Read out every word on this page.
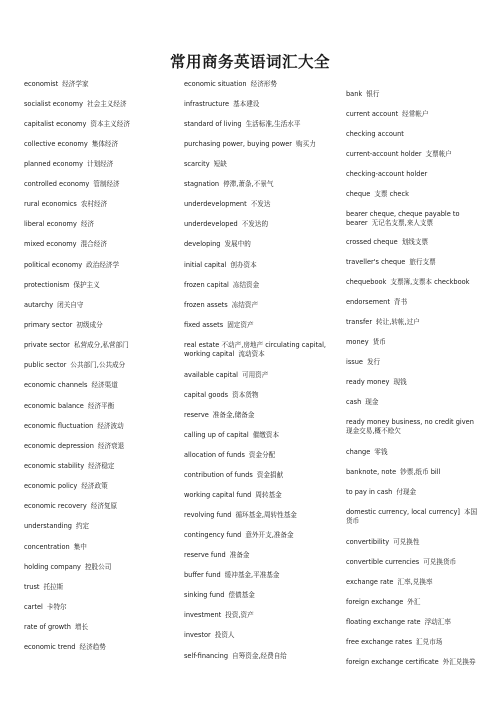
常用商务英语词汇大全
economist 经济学家
socialist economy 社会主义经济
capitalist economy 资本主义经济
collective economy 集体经济
planned economy 计划经济
controlled economy 管制经济
rural economics 农村经济
liberal economy 经济
mixed economy 混合经济
political economy 政治经济学
protectionism 保护主义
autarchy 闭关自守
primary sector 初级成分
private sector 私营成分,私营部门
public sector 公共部门,公共成分
economic channels 经济渠道
economic balance 经济平衡
economic fluctuation 经济波动
economic depression 经济衰退
economic stability 经济稳定
economic policy 经济政策
economic recovery 经济复原
understanding 约定
concentration 集中
holding company 控股公司
trust 托拉斯
cartel 卡特尔
rate of growth 增长
economic trend 经济趋势
economic situation 经济形势
infrastructure 基本建设
standard of living 生活标准,生活水平
purchasing power, buying power 购买力
scarcity 短缺
stagnation 停滞,萧条,不景气
underdevelopment 不发达
underdeveloped 不发达的
developing 发展中的
initial capital 创办资本
frozen capital 冻结资金
frozen assets 冻结资产
fixed assets 固定资产
real estate 不动产,房地产 circulating capital, working capital 流动资本
available capital 可用资产
capital goods 资本货物
reserve 准备金,储备金
calling up of capital 催缴资本
allocation of funds 资金分配
contribution of funds 资金捐献
working capital fund 周转基金
revolving fund 循环基金,周转性基金
contingency fund 意外开支,准备金
reserve fund 准备金
buffer fund 缓冲基金,平准基金
sinking fund 偿债基金
investment 投资,资产
investor 投资人
self-financing 自筹资金,经费自给
bank 银行
current account 经常帐户
checking account
current-account holder 支票帐户
checking-account holder
cheque 支票 check
bearer cheque, cheque payable to bearer 无记名支票,来人支票
crossed cheque 划线支票
traveller's cheque 旅行支票
chequebook 支票簿,支票本 checkbook
endorsement 背书
transfer 转让,转帐,过户
money 货币
issue 发行
ready money 现钱
cash 现金
ready money business, no credit given现金交易,概不赊欠
change 零钱
banknote, note 钞票,纸币 bill
to pay in cash 付现金
domestic currency, local currency] 本国货币
convertibility 可兑换性
convertible currencies 可兑换货币
exchange rate 汇率,兑换率
foreign exchange 外汇
floating exchange rate 浮动汇率
free exchange rates 汇兑市场
foreign exchange certificate 外汇兑换券
